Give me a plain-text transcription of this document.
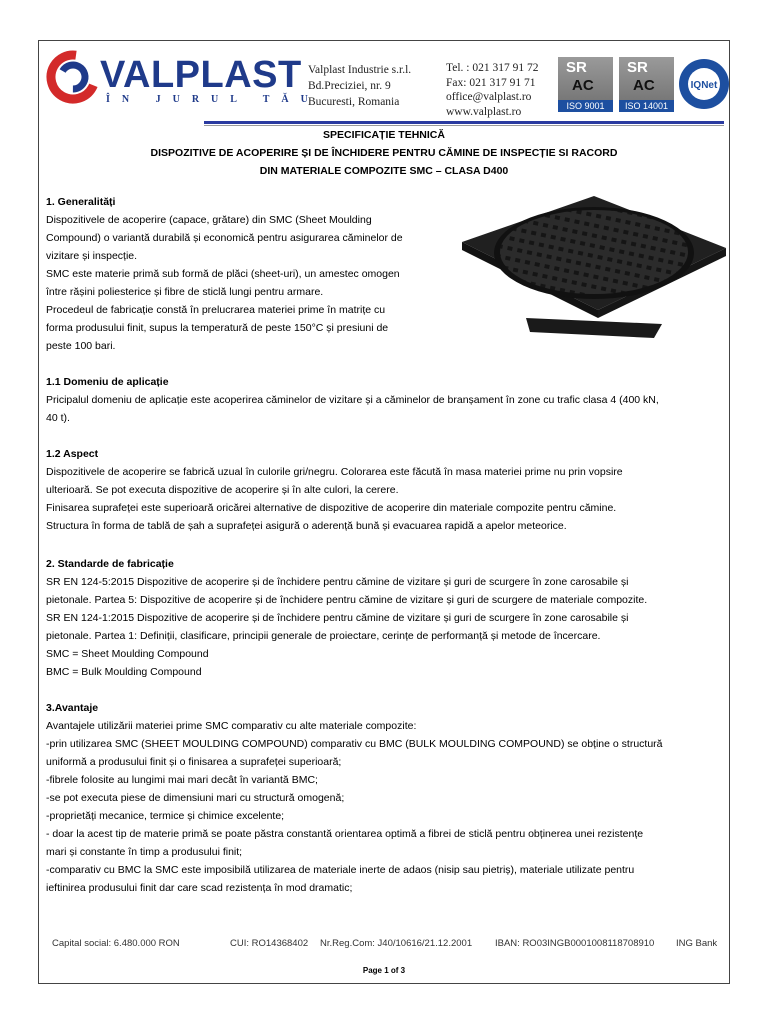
VALPLAST
ÎN JURUL TĂU
Valplast Industrie s.r.l.
Bd.Preciziei, nr. 9
Bucuresti, Romania
Tel. : 021 317 91 72
Fax: 021 317 91 71
office@valplast.ro
www.valplast.ro
SR
AC
ISO 9001
SR
AC
ISO 14001
IQNet
SPECIFICAȚIE TEHNICĂ
DISPOZITIVE DE ACOPERIRE ȘI DE ÎNCHIDERE PENTRU CĂMINE DE INSPECȚIE SI RACORD
DIN MATERIALE COMPOZITE SMC – CLASA D400
1. Generalități
Dispozitivele de acoperire (capace, grătare) din SMC (Sheet Moulding
Compound) o variantă durabilă și economică pentru asigurarea căminelor de
vizitare și inspecție.
SMC este materie primă sub formă de plăci (sheet-uri), un amestec omogen
între rășini poliesterice și fibre de sticlă lungi pentru armare.
Procedeul de fabricație constă în prelucrarea materiei prime în matrițe cu
forma produsului finit, supus la temperatură de peste 150°C și presiuni de
peste 100 bari.
1.1 Domeniu de aplicație
Pricipalul domeniu de aplicație este acoperirea căminelor de vizitare și a căminelor de branșament în zone cu trafic clasa 4 (400 kN,
40 t).
1.2 Aspect
Dispozitivele de acoperire se fabrică uzual în culorile gri/negru. Colorarea este făcută în masa materiei prime nu prin vopsire
ulterioară. Se pot executa dispozitive de acoperire și în alte culori, la cerere.
Finisarea suprafeței este superioară oricărei alternative de dispozitive de acoperire din materiale compozite pentru cămine.
Structura în forma de tablă de șah a suprafeței asigură o aderență bună și evacuarea rapidă a apelor meteorice.
2. Standarde de fabricație
SR EN 124-5:2015 Dispozitive de acoperire și de închidere pentru cămine de vizitare și guri de scurgere în zone carosabile și
pietonale. Partea 5: Dispozitive de acoperire și de închidere pentru cămine de vizitare și guri de scurgere de materiale compozite.
SR EN 124-1:2015 Dispozitive de acoperire și de închidere pentru cămine de vizitare și guri de scurgere în zone carosabile și
pietonale. Partea 1: Definiții, clasificare, principii generale de proiectare, cerințe de performanță și metode de încercare.
SMC = Sheet Moulding Compound
BMC = Bulk Moulding Compound
3.Avantaje
Avantajele utilizării materiei prime SMC comparativ cu alte materiale compozite:
-prin utilizarea SMC (SHEET MOULDING COMPOUND) comparativ cu BMC (BULK MOULDING COMPOUND) se obține o structură
uniformă a produsului finit și o finisarea a suprafeței superioară;
-fibrele folosite au lungimi mai mari decât în variantă BMC;
-se pot executa piese de dimensiuni mari cu structură omogenă;
-proprietăți mecanice, termice și chimice excelente;
- doar la acest tip de materie primă se poate păstra constantă orientarea optimă a fibrei de sticlă pentru obținerea unei rezistențe
mari și constante în timp a produsului finit;
-comparativ cu BMC la SMC este imposibilă utilizarea de materiale inerte de adaos (nisip sau pietriș), materiale utilizate pentru
ieftinirea produsului finit dar care scad rezistența în mod dramatic;
Capital social: 6.480.000 RON	CUI: RO14368402 Nr.Reg.Com: J40/10616/21.12.2001 IBAN: RO03INGB0001008118708910 ING Bank
Page 1 of 3
